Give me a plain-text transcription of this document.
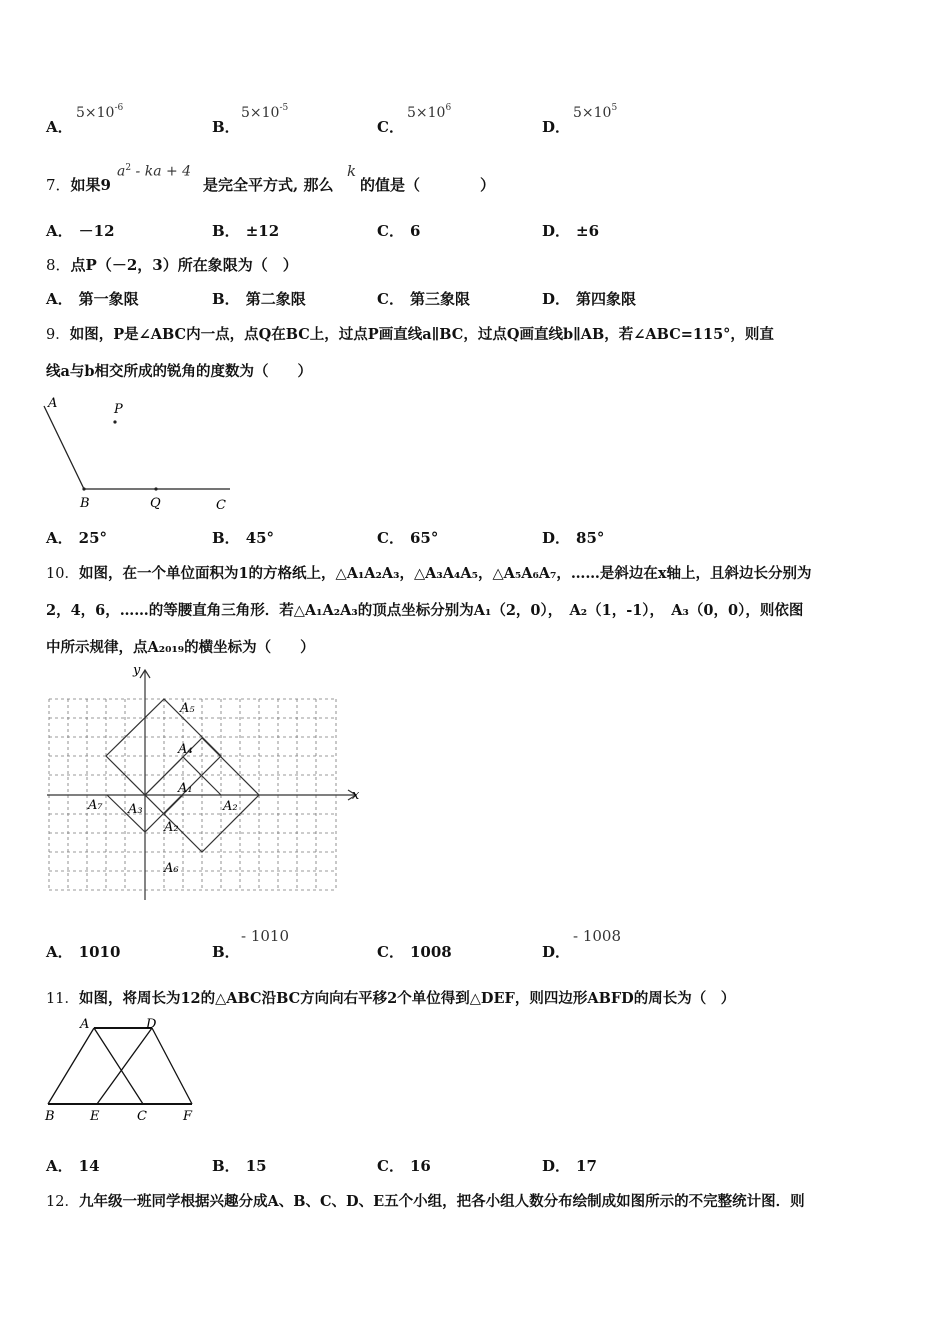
A．
$5\times 10^{-6}$
B．
$5\times 10^{-5}$
C．
$5\times 10^6$
D．
$5\times 10^5$
7．如果9
$a^2$ - ka + 4
是完全平方式, 那么
k
的值是（　　　　）
A． －12	B． ±12	C． 6	D． ±6
8．点P（－2，3）所在象限为（　）
A． 第一象限	B． 第二象限	C． 第三象限	D． 第四象限
9．如图，P是∠ABC内一点，点Q在BC上，过点P画直线a∥BC，过点Q画直线b∥AB，若∠ABC=115°，则直
线a与b相交所成的锐角的度数为（　　）
A	P
B	Q	C
A． 25°	B． 45°	C． 65°	D． 85°
10．如图，在一个单位面积为1的方格纸上，△A₁A₂A₃，△A₃A₄A₅，△A₅A₆A₇，……是斜边在x轴上，且斜边长分别为
2，4，6，……的等腰直角三角形．若△A₁A₂A₃的顶点坐标分别为A₁（2，0），　A₂（1，-1），　A₃（0，0），则依图
中所示规律，点A₂₀₁₉的横坐标为（　　）
y
x
A₅
A₄
A₁
A₇ A₃	A₂
A₂
A₆
A． 1010	B．
- 1010
C． 1008	D．
- 1008
11．如图，将周长为12的△ABC沿BC方向向右平移2个单位得到△DEF，则四边形ABFD的周长为（　）
A	D
B	E	C	F
A． 14	B． 15	C． 16	D． 17
12．九年级一班同学根据兴趣分成A、B、C、D、E五个小组，把各小组人数分布绘制成如图所示的不完整统计图．则
